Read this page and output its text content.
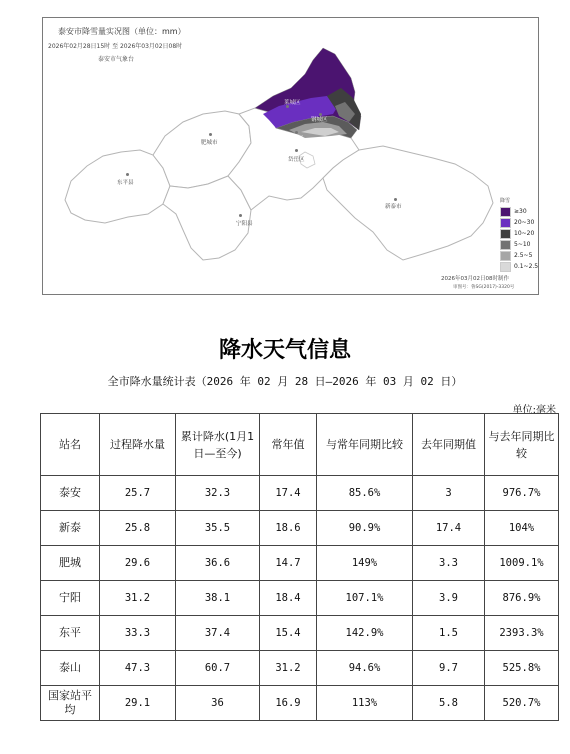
泰安市降雪量实况图（单位：mm）
2026年02月28日15时 至 2026年03月02日08时
泰安市气象台
莱城区
钢城区
泰山区
岱岳区
肥城市
东平县
宁阳县
新泰市
降雪
≥30
20~30
10~20
5~10
2.5~5
0.1~2.5
2026年03月02日08时制作
审图号：鲁SG(2017)-3320号
降水天气信息
全市降水量统计表（2026 年 02 月 28 日—2026 年 03 月 02 日）
单位:毫米
站名	过程降水量	累计降水(1月1日—至今)	常年值	与常年同期比较	去年同期值	与去年同期比较
泰安	25.7	32.3	17.4	85.6%	3	976.7%
新泰	25.8	35.5	18.6	90.9%	17.4	104%
肥城	29.6	36.6	14.7	149%	3.3	1009.1%
宁阳	31.2	38.1	18.4	107.1%	3.9	876.9%
东平	33.3	37.4	15.4	142.9%	1.5	2393.3%
泰山	47.3	60.7	31.2	94.6%	9.7	525.8%
国家站平均	29.1	36	16.9	113%	5.8	520.7%
